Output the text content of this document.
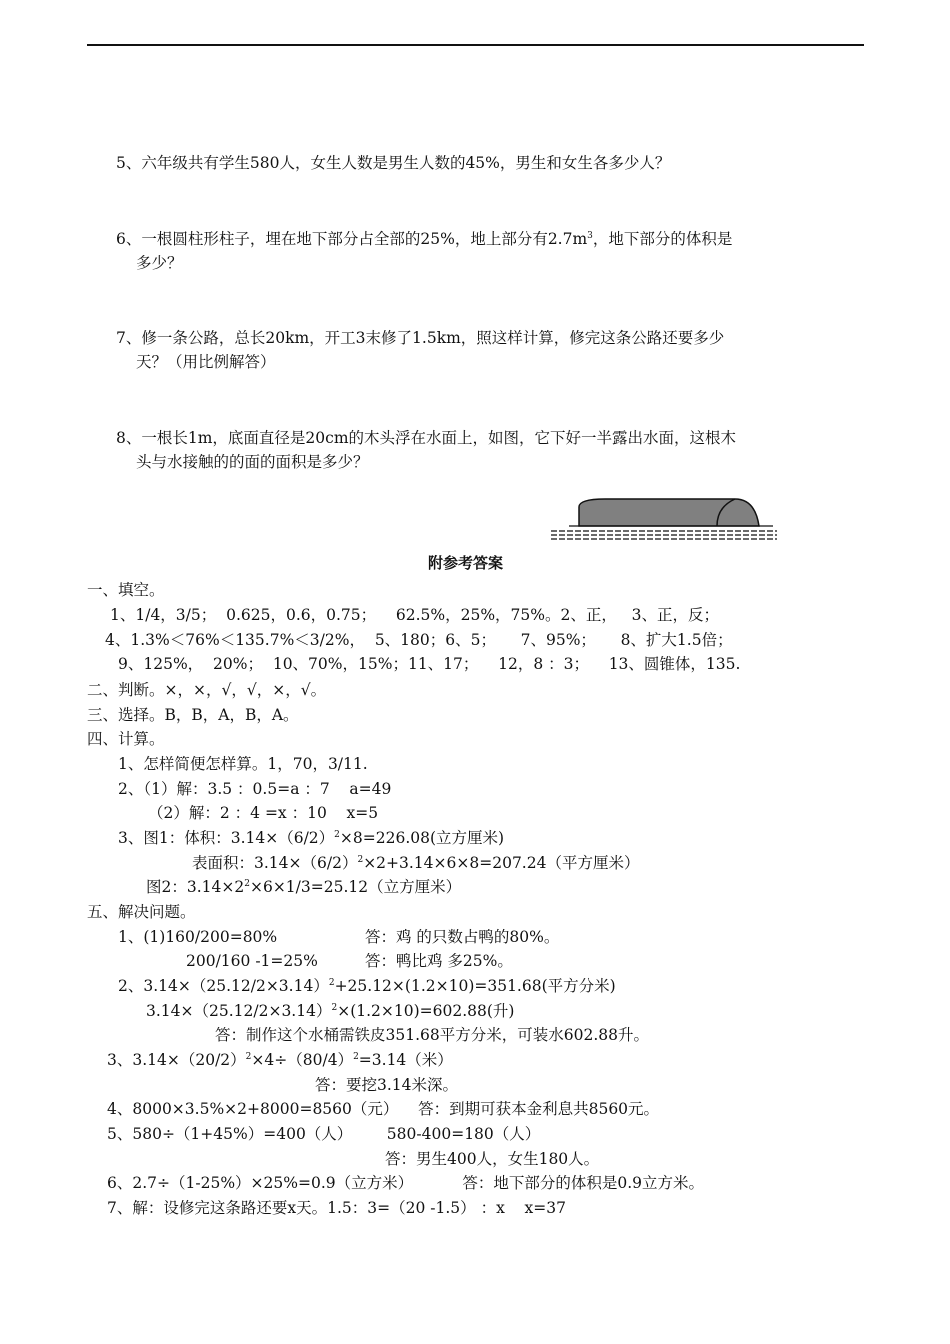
5、六年级共有学生580人，女生人数是男生人数的45%，男生和女生各多少人？
6、一根圆柱形柱子，埋在地下部分占全部的25%，地上部分有$2.7m^3$，地下部分的体积是
多少？
7、修一条公路，总长20km，开工3末修了1.5km，照这样计算，修完这条公路还要多少
天？（用比例解答）
8、一根长1m，底面直径是20cm的木头浮在水面上，如图，它下好一半露出水面，这根木
头与水接触的的面的面积是多少？
附参考答案
一、填空。
1、1/4，3/5；  0.625，0.6，0.75；    62.5%，25%，75%。2、正，   3、正，反；
4、1.3%＜76%＜135.7%＜3/2%，  5、180；6、5；     7、95%；     8、扩大1.5倍；
9、125%，  20%；  10、70%，15%；11、17；    12，8 ：3；    13、圆锥体，135.
二、判断。×，×，√，√，×，√。
三、选择。B，B，A，B，A。
四、计算。
1、怎样简便怎样算。1，70，3/11.
2、（1）解：3.5 ：0.5=a ：7    a=49
（2）解：2 ：4 =x ：10    x=5
3、图1：体积：$3.14\times(6/2)^2\times 8=226.08$(立方厘米)
表面积：$3.14\times(6/2)^2\times 2+3.14\times 6\times 8=207.24$（平方厘米）
图2：$3.14\times 2^2\times 6\times 1/3=25.12$（立方厘米）
五、解决问题。
1、(1)160/200=80%	答：鸡 的只数占鸭的80%。
200/160 -1=25%	答：鸭比鸡 多25%。
2、$3.14\times(25.12/2\times 3.14)^2+25.12\times(1.2\times 10)=351.68$(平方分米)
$3.14\times(25.12/2\times 3.14)^2\times(1.2\times 10)=602.88$(升)
答：制作这个水桶需铁皮351.68平方分米，可装水602.88升。
3、$3.14\times(20/2)^2\times 4\div(80/4)^2=3.14$（米）
答：要挖3.14米深。
4、8000×3.5%×2+8000=8560（元）    答：到期可获本金利息共8560元。
5、580÷（1+45%）=400（人）       580-400=180（人）
答：男生400人，女生180人。
6、2.7÷（1-25%）×25%=0.9（立方米）          答：地下部分的体积是0.9立方米。
7、解：设修完这条路还要x天。1.5：3=（20 -1.5） ：x    x=37
